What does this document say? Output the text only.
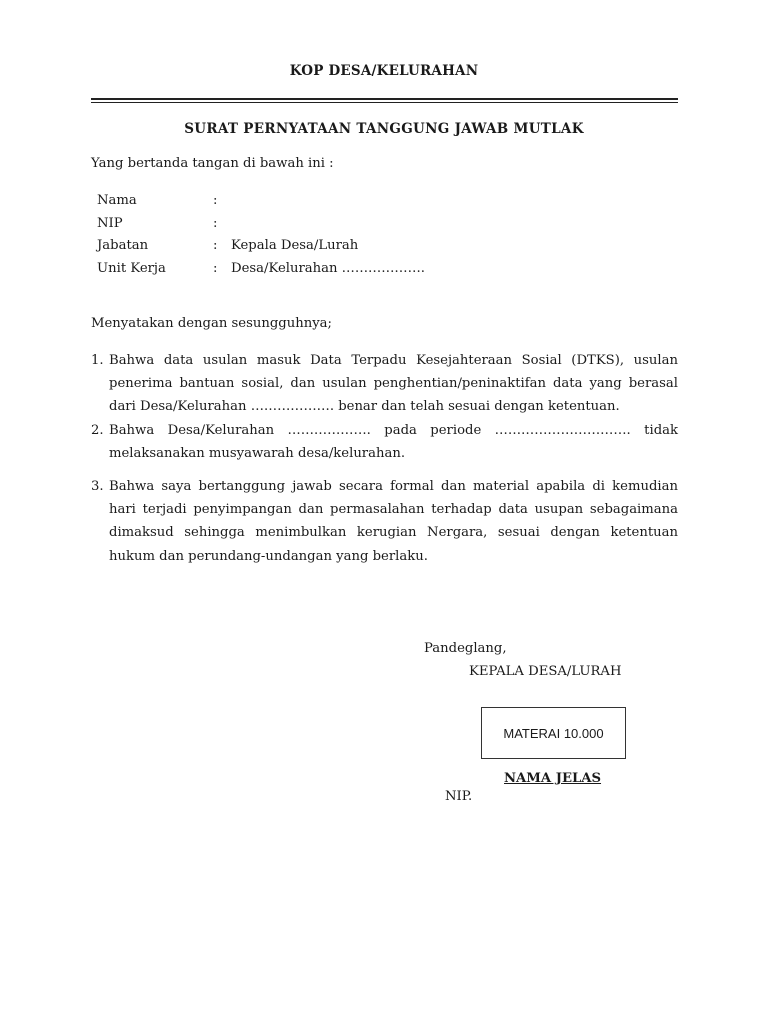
KOP DESA/KELURAHAN
SURAT PERNYATAAN TANGGUNG JAWAB MUTLAK
Yang bertanda tangan di bawah ini :
Nama	:
NIP	:
Jabatan	: Kepala Desa/Lurah
Unit Kerja	: Desa/Kelurahan ……………….
Menyatakan dengan sesungguhnya;
1. Bahwa data usulan masuk Data Terpadu Kesejahteraan Sosial (DTKS), usulan penerima bantuan sosial, dan usulan penghentian/peninaktifan data yang berasal dari Desa/Kelurahan ………………. benar dan telah sesuai dengan ketentuan.
2. Bahwa Desa/Kelurahan ………………. pada periode …………………………. tidak melaksanakan musyawarah desa/kelurahan.
3. Bahwa saya bertanggung jawab secara formal dan material apabila di kemudian hari terjadi penyimpangan dan permasalahan terhadap data usupan sebagaimana dimaksud sehingga menimbulkan kerugian Nergara, sesuai dengan ketentuan hukum dan perundang-undangan yang berlaku.
Pandeglang,
KEPALA DESA/LURAH
MATERAI 10.000
NAMA JELAS
NIP.
